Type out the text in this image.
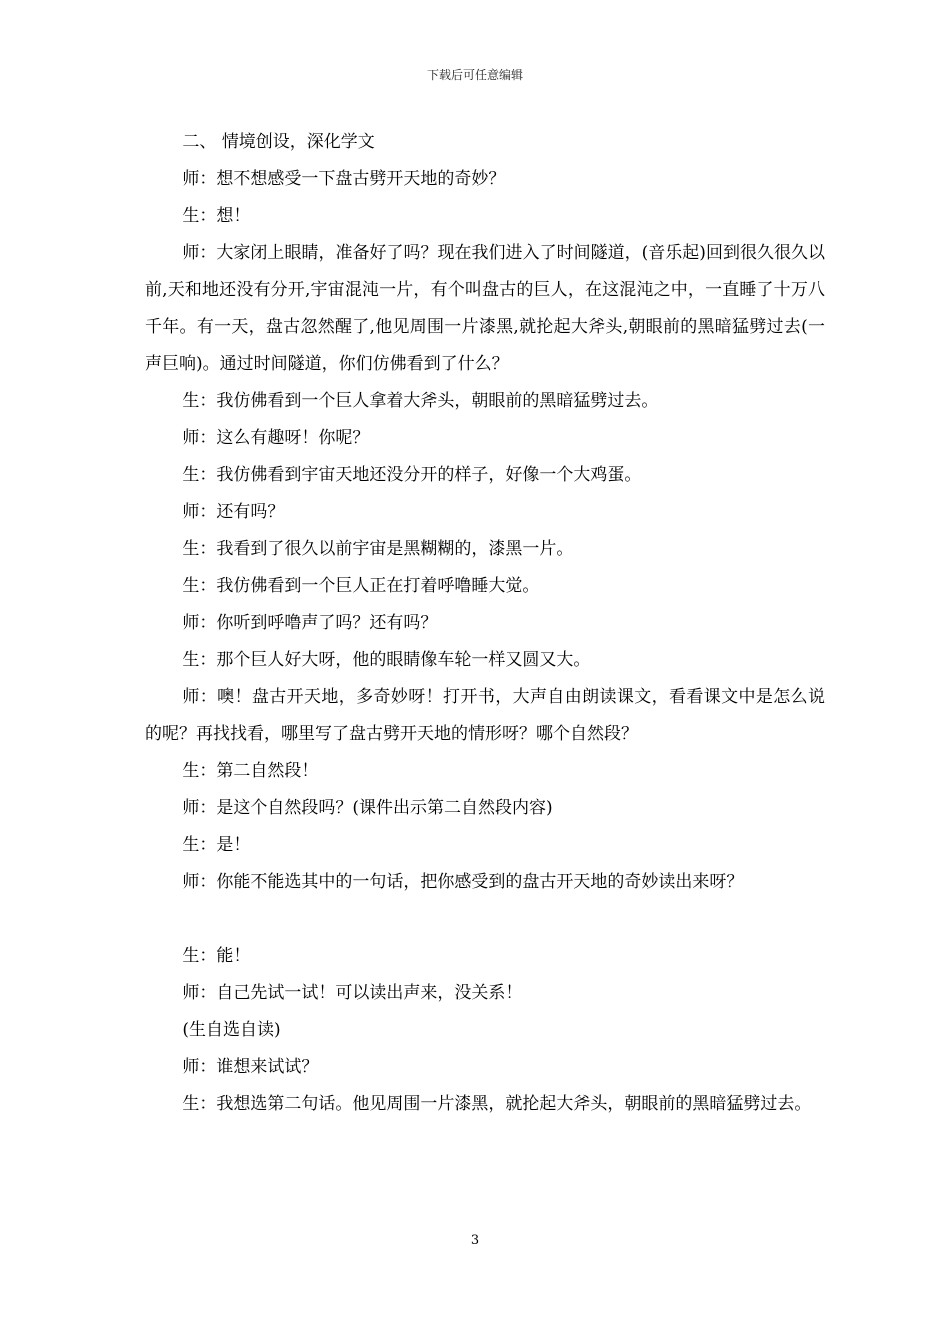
下载后可任意编辑

二、 情境创设，深化学文

师：想不想感受一下盘古劈开天地的奇妙？

生：想！

师：大家闭上眼睛，准备好了吗？现在我们进入了时间隧道，(音乐起)回到很久很久以前,天和地还没有分开,宇宙混沌一片，有个叫盘古的巨人，在这混沌之中，一直睡了十万八千年。有一天，盘古忽然醒了,他见周围一片漆黑,就抡起大斧头,朝眼前的黑暗猛劈过去(一声巨响)。通过时间隧道，你们仿佛看到了什么？

生：我仿佛看到一个巨人拿着大斧头，朝眼前的黑暗猛劈过去。

师：这么有趣呀！你呢？

生：我仿佛看到宇宙天地还没分开的样子，好像一个大鸡蛋。

师：还有吗？

生：我看到了很久以前宇宙是黑糊糊的，漆黑一片。

生：我仿佛看到一个巨人正在打着呼噜睡大觉。

师：你听到呼噜声了吗？还有吗？

生：那个巨人好大呀，他的眼睛像车轮一样又圆又大。

师：噢！盘古开天地，多奇妙呀！打开书，大声自由朗读课文，看看课文中是怎么说的呢？再找找看，哪里写了盘古劈开天地的情形呀？哪个自然段？

生：第二自然段！

师：是这个自然段吗？(课件出示第二自然段内容)

生：是！

师：你能不能选其中的一句话，把你感受到的盘古开天地的奇妙读出来呀？

生：能！

师：自己先试一试！可以读出声来，没关系！

(生自选自读)

师：谁想来试试？

生：我想选第二句话。他见周围一片漆黑，就抡起大斧头，朝眼前的黑暗猛劈过去。

3
